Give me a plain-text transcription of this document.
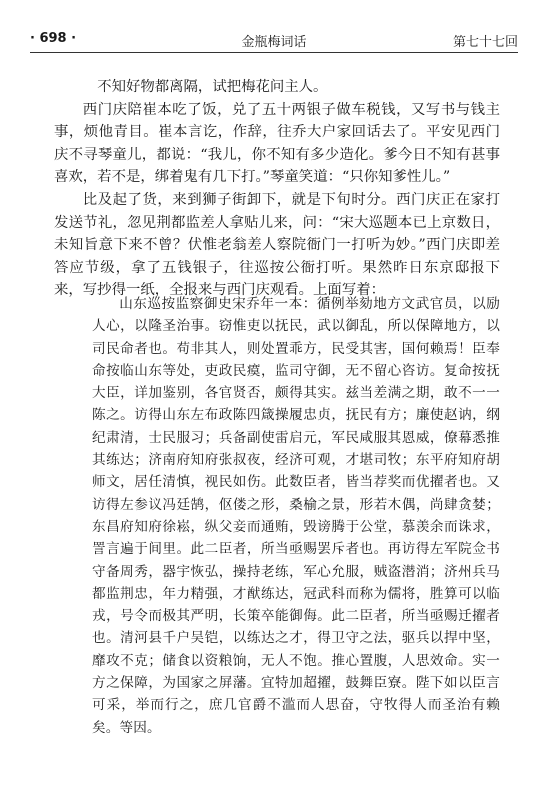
· 698 ·	金瓶梅词话	第七十七回

不知好物都离隔，试把梅花问主人。

西门庆陪崔本吃了饭，兑了五十两银子做车税钱，又写书与钱主事，烦他青目。崔本言讫，作辞，往乔大户家回话去了。平安见西门庆不寻琴童儿，都说：“我儿，你不知有多少造化。爹今日不知有甚事喜欢，若不是，绑着鬼有几下打。”琴童笑道：“只你知爹性儿。”

比及起了货，来到狮子街卸下，就是下旬时分。西门庆正在家打发送节礼，忽见荆都监差人拿贴儿来，问：“宋大巡题本已上京数日，未知旨意下来不曾？伏惟老翁差人察院衙门一打听为妙。”西门庆即差答应节级，拿了五钱银子，往巡按公衙打听。果然昨日东京邸报下来，写抄得一纸，全报来与西门庆观看。上面写着：

山东巡按监察御史宋乔年一本：循例举劾地方文武官员，以励人心，以隆圣治事。窃惟吏以抚民，武以御乱，所以保障地方，以司民命者也。苟非其人，则处置乖方，民受其害，国何赖焉！臣奉命按临山东等处，吏政民瘼，监司守御，无不留心咨访。复命按抚大臣，详加鉴别，各官贤否，颇得其实。兹当差满之期，敢不一一陈之。访得山东左布政陈四箴操履忠贞，抚民有方；廉使赵讷，纲纪肃清，士民服习；兵备副使雷启元，军民咸服其恩威，僚幕悉推其练达；济南府知府张叔夜，经济可观，才堪司牧；东平府知府胡师文，居任清慎，视民如伤。此数臣者，皆当荐奖而优擢者也。又访得左参议冯廷鹄，伛偻之形，桑榆之景，形若木偶，尚肆贪婪；东昌府知府徐崧，纵父妾而通贿，毁谤腾于公堂，慕羡余而诛求，詈言遍于间里。此二臣者，所当亟赐罢斥者也。再访得左军院佥书守备周秀，器宇恢弘，操持老练，军心允服，贼盗潜消；济州兵马都监荆忠，年力精强，才猷练达，冠武科而称为儒将，胜算可以临戎，号令而极其严明，长策卒能御侮。此二臣者，所当亟赐迁擢者也。清河县千户吴铠，以练达之才，得卫守之法，驱兵以捍中坚，靡攻不克；储食以资粮饷，无人不饱。推心置腹，人思效命。实一方之保障，为国家之屏藩。宜特加超擢，鼓舞臣寮。陛下如以臣言可采，举而行之，庶几官爵不滥而人思奋，守牧得人而圣治有赖矣。等因。
